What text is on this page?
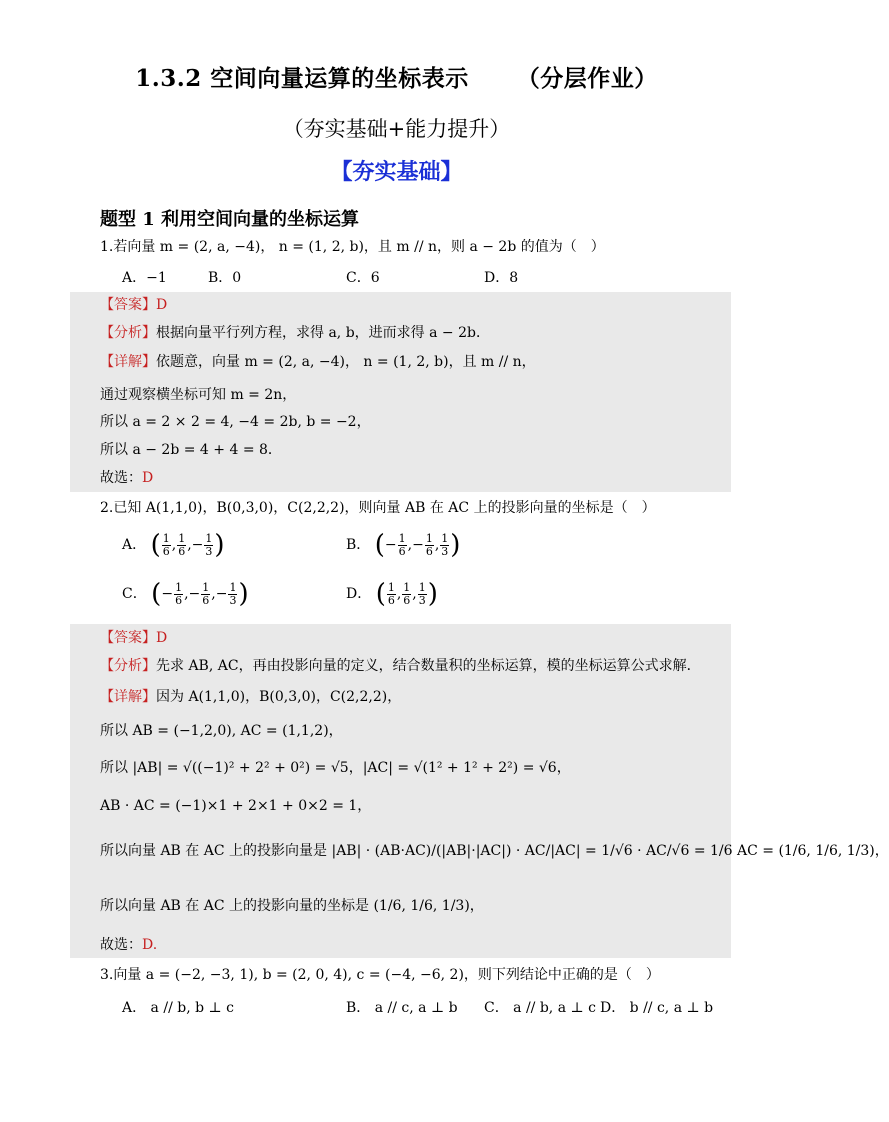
1.3.2 空间向量运算的坐标表示 （分层作业）
（夯实基础+能力提升）
【夯实基础】
题型 1 利用空间向量的坐标运算
1.若向量 m = (2, a, −4)， n = (1, 2, b)，且 m // n，则 a − 2b 的值为（　）
A．−1	B．0	C．6	D．8
【答案】D
【分析】根据向量平行列方程，求得 a, b，进而求得 a − 2b．
【详解】依题意，向量 m = (2, a, −4)， n = (1, 2, b)，且 m // n，
通过观察横坐标可知 m = 2n，
所以 a = 2 × 2 = 4, −4 = 2b, b = −2，
所以 a − 2b = 4 + 4 = 8．
故选：D
2.已知 A(1,1,0)，B(0,3,0)，C(2,2,2)，则向量 AB 在 AC 上的投影向量的坐标是（　）
A． ( $\frac{1}{6}$ , $\frac{1}{6}$ ,− $\frac{1}{3}$ )	B． (− $\frac{1}{6}$ ,− $\frac{1}{6}$ , $\frac{1}{3}$ )
C． (− $\frac{1}{6}$ ,− $\frac{1}{6}$ ,− $\frac{1}{3}$ )	D． ( $\frac{1}{6}$ , $\frac{1}{6}$ , $\frac{1}{3}$ )
【答案】D
【分析】先求 AB, AC，再由投影向量的定义，结合数量积的坐标运算，模的坐标运算公式求解．
【详解】因为 A(1,1,0)，B(0,3,0)，C(2,2,2)，
所以 AB = (−1,2,0), AC = (1,1,2)，
所以 |AB| = √((−1)² + 2² + 0²) = √5，|AC| = √(1² + 1² + 2²) = √6，
AB · AC = (−1)×1 + 2×1 + 0×2 = 1，
所以向量 AB 在 AC 上的投影向量是 |AB| · (AB·AC)/(|AB|·|AC|) · AC/|AC| = 1/√6 · AC/√6 = 1/6 AC = (1/6, 1/6, 1/3)，
所以向量 AB 在 AC 上的投影向量的坐标是 (1/6, 1/6, 1/3)，
故选：D.
3.向量 a = (−2, −3, 1), b = (2, 0, 4), c = (−4, −6, 2)，则下列结论中正确的是（　）
A． a // b, b ⊥ c	B． a // c, a ⊥ b C． a // b, a ⊥ c D． b // c, a ⊥ b
